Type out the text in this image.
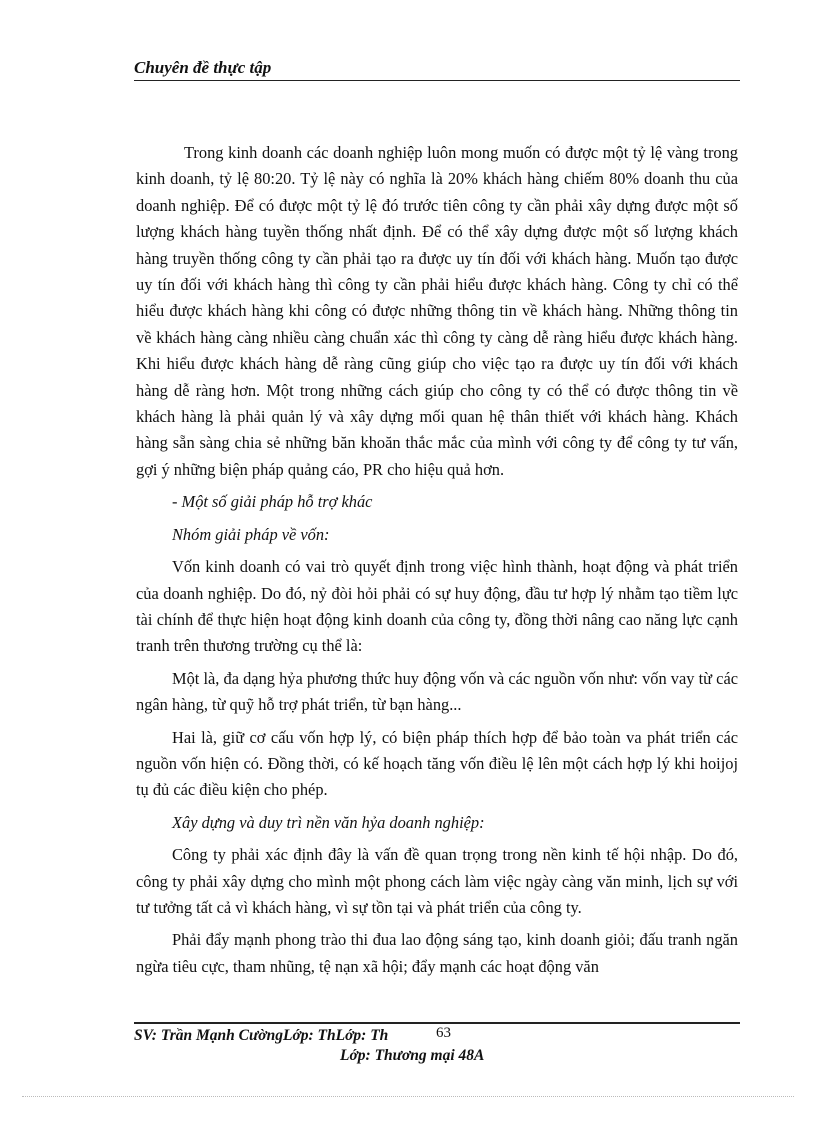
Chuyên đề thực tập

Trong kinh doanh các doanh nghiệp luôn mong muốn có được một tỷ lệ vàng trong kinh doanh, tỷ lệ 80:20. Tỷ lệ này có nghĩa là 20% khách hàng chiếm 80% doanh thu của doanh nghiệp. Để có được một tỷ lệ đó trước tiên công ty cần phải xây dựng được một số lượng khách hàng tuyền thống nhất định. Để có thể xây dựng được một số lượng khách hàng truyền thống công ty cần phải tạo ra được uy tín đối với khách hàng. Muốn tạo được uy tín đối với khách hàng thì công ty cần phải hiểu được khách hàng. Công ty chỉ có thể hiểu được khách hàng khi công có được những thông tin về khách hàng. Những thông tin về khách hàng càng nhiều càng chuẩn xác thì công ty càng dễ ràng hiểu được khách hàng. Khi hiểu được khách hàng dễ ràng cũng giúp cho việc tạo ra được uy tín đối với khách hàng dễ ràng hơn. Một trong những cách giúp cho công ty có thể có được thông tin về khách hàng là phải quản lý và xây dựng mối quan hệ thân thiết với khách hàng. Khách hàng sẵn sàng chia sẻ những băn khoăn thắc mắc của mình với công ty để công ty tư vấn, gợi ý những biện pháp quảng cáo, PR cho hiệu quả hơn.

- Một số giải pháp hỗ trợ khác

Nhóm giải pháp về vốn:

Vốn kinh doanh có vai trò quyết định trong việc hình thành, hoạt động và phát triển của doanh nghiệp. Do đó, nỷ đòi hỏi phải có sự huy động, đầu tư hợp lý nhằm tạo tiềm lực tài chính để thực hiện hoạt động kinh doanh của công ty, đồng thời nâng cao năng lực cạnh tranh trên thương trường cụ thể là:

Một là, đa dạng hỷa phương thức huy động vốn và các nguồn vốn như: vốn vay từ các ngân hàng, từ quỹ hỗ trợ phát triển, từ bạn hàng...

Hai là, giữ cơ cấu vốn hợp lý, có biện pháp thích hợp để bảo toàn va phát triển các nguồn vốn hiện có. Đồng thời, có kế hoạch tăng vốn điều lệ lên một cách hợp lý khi hoijoj tụ đủ các điều kiện cho phép.

Xây dựng và duy trì nền văn hỷa doanh nghiệp:

Công ty phải xác định đây là vấn đề quan trọng trong nền kinh tế hội nhập. Do đó, công ty phải xây dựng cho mình một phong cách làm việc ngày càng văn minh, lịch sự với tư tưởng tất cả vì khách hàng, vì sự tồn tại và phát triển của công ty.

Phải đẩy mạnh phong trào thi đua lao động sáng tạo, kinh doanh giỏi; đấu tranh ngăn ngừa tiêu cực, tham nhũng, tệ nạn xã hội; đẩy mạnh các hoạt động văn

SV: Trần Mạnh CườngLớp: ThLớp: Th	63
Lớp: Thương mại 48A
